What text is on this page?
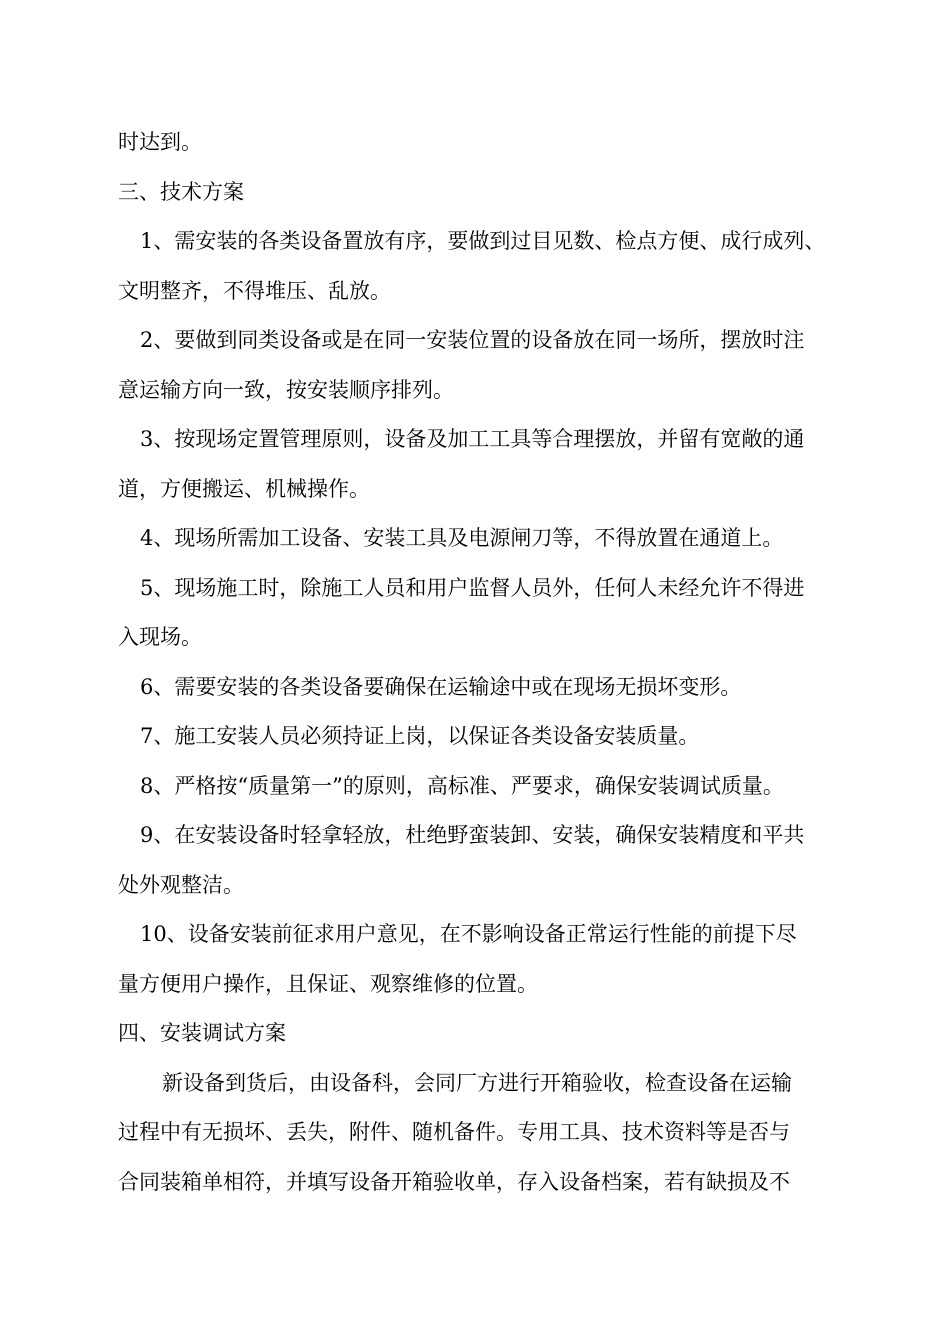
时达到。
三、技术方案
1、需安装的各类设备置放有序，要做到过目见数、检点方便、成行成列、
文明整齐，不得堆压、乱放。
2、要做到同类设备或是在同一安装位置的设备放在同一场所，摆放时注
意运输方向一致，按安装顺序排列。
3、按现场定置管理原则，设备及加工工具等合理摆放，并留有宽敞的通
道，方便搬运、机械操作。
4、现场所需加工设备、安装工具及电源闸刀等，不得放置在通道上。
5、现场施工时，除施工人员和用户监督人员外，任何人未经允许不得进
入现场。
6、需要安装的各类设备要确保在运输途中或在现场无损坏变形。
7、施工安装人员必须持证上岗，以保证各类设备安装质量。
8、严格按“质量第一”的原则，高标准、严要求，确保安装调试质量。
9、在安装设备时轻拿轻放，杜绝野蛮装卸、安装，确保安装精度和平共
处外观整洁。
10、设备安装前征求用户意见，在不影响设备正常运行性能的前提下尽
量方便用户操作，且保证、观察维修的位置。
四、安装调试方案
新设备到货后，由设备科，会同厂方进行开箱验收，检查设备在运输
过程中有无损坏、丢失，附件、随机备件。专用工具、技术资料等是否与
合同装箱单相符，并填写设备开箱验收单，存入设备档案，若有缺损及不
